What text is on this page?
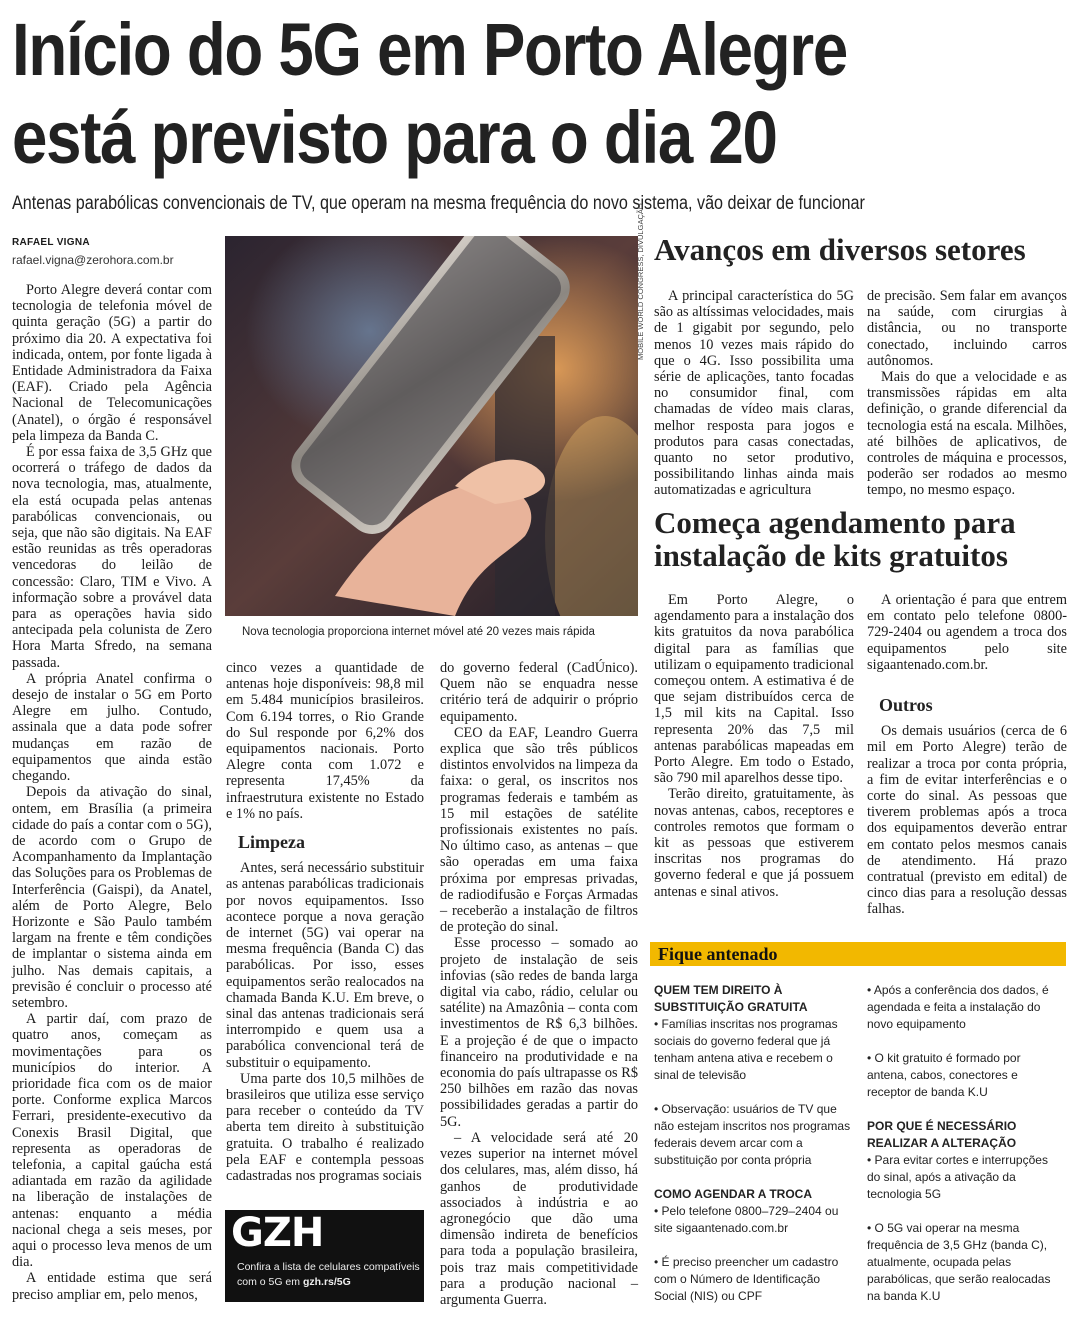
Início do 5G em Porto Alegre
está previsto para o dia 20

Antenas parabólicas convencionais de TV, que operam na mesma frequência do novo sistema, vão deixar de funcionar

RAFAEL VIGNA
rafael.vigna@zerohora.com.br

Porto Alegre deverá contar com tecnologia de telefonia móvel de quinta geração (5G) a partir do próximo dia 20. A expectativa foi indicada, ontem, por fonte ligada à Entidade Administradora da Faixa (EAF). Criado pela Agência Nacional de Telecomunicações (Anatel), o órgão é responsável pela limpeza da Banda C.

É por essa faixa de 3,5 GHz que ocorrerá o tráfego de dados da nova tecnologia, mas, atualmente, ela está ocupada pelas antenas parabólicas convencionais, ou seja, que não são digitais. Na EAF estão reunidas as três operadoras vencedoras do leilão de concessão: Claro, TIM e Vivo. A informação sobre a provável data para as operações havia sido antecipada pela colunista de Zero Hora Marta Sfredo, na semana passada.

A própria Anatel confirma o desejo de instalar o 5G em Porto Alegre em julho. Contudo, assinala que a data pode sofrer mudanças em razão de equipamentos que ainda estão chegando.

Depois da ativação do sinal, ontem, em Brasília (a primeira cidade do país a contar com o 5G), de acordo com o Grupo de Acompanhamento da Implantação das Soluções para os Problemas de Interferência (Gaispi), da Anatel, além de Porto Alegre, Belo Horizonte e São Paulo também largam na frente e têm condições de implantar o sistema ainda em julho. Nas demais capitais, a previsão é concluir o processo até setembro.

A partir daí, com prazo de quatro anos, começam as movimentações para os municípios do interior. A prioridade fica com os de maior porte. Conforme explica Marcos Ferrari, presidente-executivo da Conexis Brasil Digital, que representa as operadoras de telefonia, a capital gaúcha está adiantada em razão da agilidade na liberação de instalações de antenas: enquanto a média nacional chega a seis meses, por aqui o processo leva menos de um dia.

A entidade estima que será preciso ampliar em, pelo menos,

MOBILE WORLD CONGRESS, DIVULGAÇÃO
Nova tecnologia proporciona internet móvel até 20 vezes mais rápida

cinco vezes a quantidade de antenas hoje disponíveis: 98,8 mil em 5.484 municípios brasileiros. Com 6.194 torres, o Rio Grande do Sul responde por 6,2% dos equipamentos nacionais. Porto Alegre conta com 1.072 e representa 17,45% da infraestrutura existente no Estado e 1% no país.

Limpeza

Antes, será necessário substituir as antenas parabólicas tradicionais por novos equipamentos. Isso acontece porque a nova geração de internet (5G) vai operar na mesma frequência (Banda C) das parabólicas. Por isso, esses equipamentos serão realocados na chamada Banda K.U. Em breve, o sinal das antenas tradicionais será interrompido e quem usa a parabólica convencional terá de substituir o equipamento.

Uma parte dos 10,5 milhões de brasileiros que utiliza esse serviço para receber o conteúdo da TV aberta tem direito à substituição gratuita. O trabalho é realizado pela EAF e contempla pessoas cadastradas nos programas sociais

GZH
Confira a lista de celulares compatíveis com o 5G em gzh.rs/5G

do governo federal (CadÚnico). Quem não se enquadra nesse critério terá de adquirir o próprio equipamento.

CEO da EAF, Leandro Guerra explica que são três públicos distintos envolvidos na limpeza da faixa: o geral, os inscritos nos programas federais e também as 15 mil estações de satélite profissionais existentes no país. No último caso, as antenas – que são operadas em uma faixa próxima por empresas privadas, de radiodifusão e Forças Armadas – receberão a instalação de filtros de proteção do sinal.

Esse processo – somado ao projeto de instalação de seis infovias (são redes de banda larga digital via cabo, rádio, celular ou satélite) na Amazônia – conta com investimentos de R$ 6,3 bilhões. E a projeção é de que o impacto financeiro na produtividade e na economia do país ultrapasse os R$ 250 bilhões em razão das novas possibilidades geradas a partir do 5G.

– A velocidade será até 20 vezes superior na internet móvel dos celulares, mas, além disso, há ganhos de produtividade associados à indústria e ao agronegócio que dão uma dimensão indireta de benefícios para toda a população brasileira, pois traz mais competitividade para a produção nacional – argumenta Guerra.

Avanços em diversos setores

A principal característica do 5G são as altíssimas velocidades, mais de 1 gigabit por segundo, pelo menos 10 vezes mais rápido do que o 4G. Isso possibilita uma série de aplicações, tanto focadas no consumidor final, com chamadas de vídeo mais claras, melhor resposta para jogos e produtos para casas conectadas, quanto no setor produtivo, possibilitando linhas ainda mais automatizadas e agricultura

de precisão. Sem falar em avanços na saúde, com cirurgias à distância, ou no transporte conectado, incluindo carros autônomos.

Mais do que a velocidade e as transmissões rápidas em alta definição, o grande diferencial da tecnologia está na escala. Milhões, até bilhões de aplicativos, de controles de máquina e processos, poderão ser rodados ao mesmo tempo, no mesmo espaço.

Começa agendamento para
instalação de kits gratuitos

Em Porto Alegre, o agendamento para a instalação dos kits gratuitos da nova parabólica digital para as famílias que utilizam o equipamento tradicional começou ontem. A estimativa é de que sejam distribuídos cerca de 1,5 mil kits na Capital. Isso representa 20% das 7,5 mil antenas parabólicas mapeadas em Porto Alegre. Em todo o Estado, são 790 mil aparelhos desse tipo.

Terão direito, gratuitamente, às novas antenas, cabos, receptores e controles remotos que formam o kit as pessoas que estiverem inscritas nos programas do governo federal e que já possuem antenas e sinal ativos.

A orientação é para que entrem em contato pelo telefone 0800-729-2404 ou agendem a troca dos equipamentos pelo site sigaantenado.com.br.

Outros

Os demais usuários (cerca de 6 mil em Porto Alegre) terão de realizar a troca por conta própria, a fim de evitar interferências e o corte do sinal. As pessoas que tiverem problemas após a troca dos equipamentos deverão entrar em contato pelos mesmos canais de atendimento. Há prazo contratual (previsto em edital) de cinco dias para a resolução dessas falhas.

Fique antenado

QUEM TEM DIREITO À SUBSTITUIÇÃO GRATUITA

• Famílias inscritas nos programas sociais do governo federal que já tenham antena ativa e recebem o sinal de televisão

• Observação: usuários de TV que não estejam inscritos nos programas federais devem arcar com a substituição por conta própria

COMO AGENDAR A TROCA

• Pelo telefone 0800–729–2404 ou site sigaantenado.com.br

• É preciso preencher um cadastro com o Número de Identificação Social (NIS) ou CPF

• Após a conferência dos dados, é agendada e feita a instalação do novo equipamento

• O kit gratuito é formado por antena, cabos, conectores e receptor de banda K.U

POR QUE É NECESSÁRIO REALIZAR A ALTERAÇÃO

• Para evitar cortes e interrupções do sinal, após a ativação da tecnologia 5G

• O 5G vai operar na mesma frequência de 3,5 GHz (banda C), atualmente, ocupada pelas parabólicas, que serão realocadas na banda K.U
